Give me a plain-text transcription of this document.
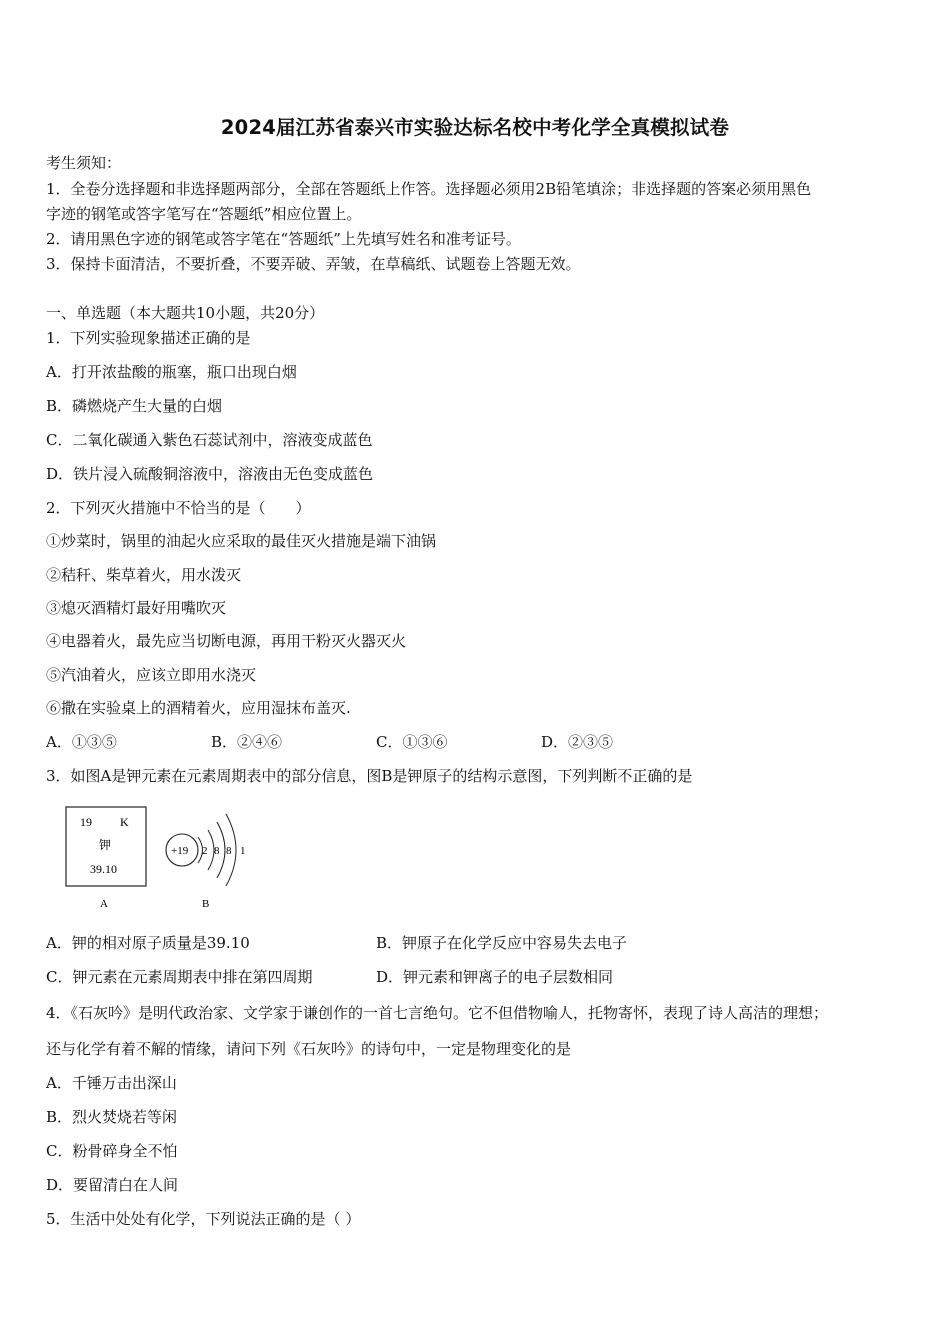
2024届江苏省泰兴市实验达标名校中考化学全真模拟试卷
考生须知：
1．全卷分选择题和非选择题两部分，全部在答题纸上作答。选择题必须用2B铅笔填涂；非选择题的答案必须用黑色
字迹的钢笔或答字笔写在“答题纸”相应位置上。
2．请用黑色字迹的钢笔或答字笔在“答题纸”上先填写姓名和准考证号。
3．保持卡面清洁，不要折叠，不要弄破、弄皱，在草稿纸、试题卷上答题无效。
一、单选题（本大题共10小题，共20分）
1．下列实验现象描述正确的是
A．打开浓盐酸的瓶塞，瓶口出现白烟
B．磷燃烧产生大量的白烟
C．二氧化碳通入紫色石蕊试剂中，溶液变成蓝色
D．铁片浸入硫酸铜溶液中，溶液由无色变成蓝色
2．下列灭火措施中不恰当的是（　　）
①炒菜时，锅里的油起火应采取的最佳灭火措施是端下油锅
②秸秆、柴草着火，用水泼灭
③熄灭酒精灯最好用嘴吹灭
④电器着火，最先应当切断电源，再用干粉灭火器灭火
⑤汽油着火，应该立即用水浇灭
⑥撒在实验桌上的酒精着火，应用湿抹布盖灭.
A．①③⑤	B．②④⑥	C．①③⑥	D．②③⑤
3．如图A是钾元素在元素周期表中的部分信息，图B是钾原子的结构示意图，下列判断不正确的是
19 K
钾
39.10
A
+19 2 8 8 1
B
A．钾的相对原子质量是39.10	B．钾原子在化学反应中容易失去电子
C．钾元素在元素周期表中排在第四周期	D．钾元素和钾离子的电子层数相同
4．《石灰吟》是明代政治家、文学家于谦创作的一首七言绝句。它不但借物喻人，托物寄怀，表现了诗人高洁的理想；
还与化学有着不解的情缘，请问下列《石灰吟》的诗句中，一定是物理变化的是
A．千锤万击出深山
B．烈火焚烧若等闲
C．粉骨碎身全不怕
D．要留清白在人间
5．生活中处处有化学，下列说法正确的是（ ）
